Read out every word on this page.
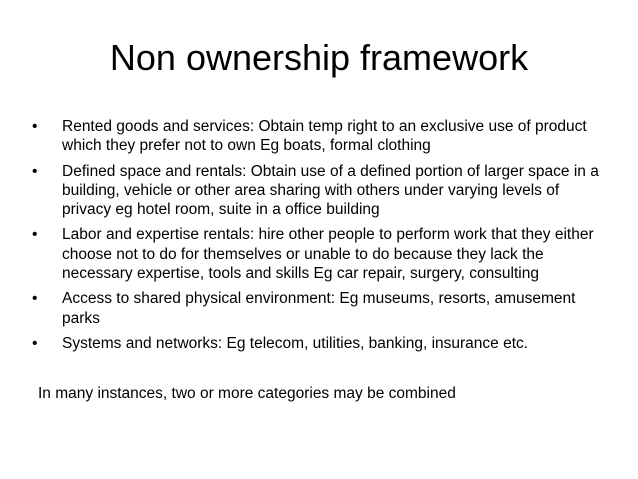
Non ownership framework
•	Rented goods and services: Obtain temp right to an exclusive use of product which they prefer not to own Eg boats, formal clothing
•	Defined space and rentals: Obtain use of a defined portion of larger space in a building, vehicle or other area sharing with others under varying levels of privacy eg hotel room, suite in a office building
•	Labor and expertise rentals: hire other people to perform work that they either choose not to do for themselves or unable to do because they lack the necessary expertise, tools and skills Eg car repair, surgery, consulting
•	Access to shared physical environment: Eg museums, resorts, amusement parks
•	Systems and networks: Eg telecom, utilities, banking, insurance etc.

In many instances, two or more categories may be combined
